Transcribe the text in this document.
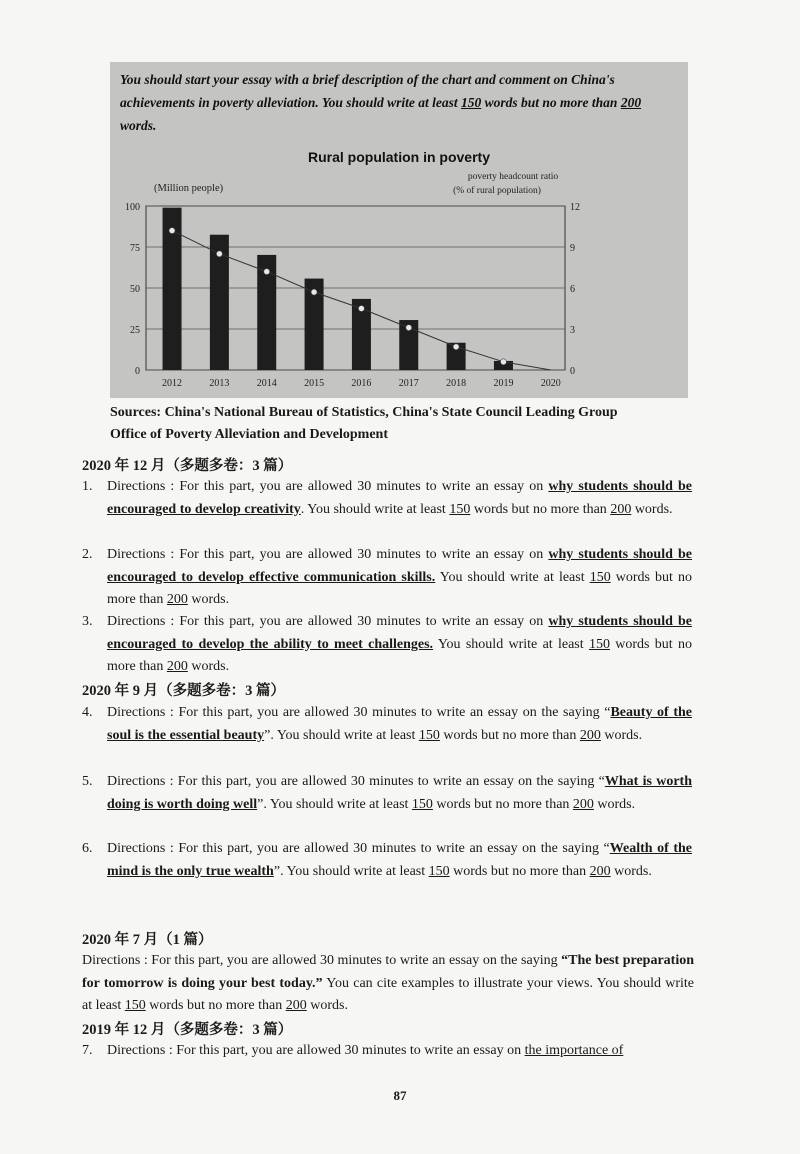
You should start your essay with a brief description of the chart and comment on China's achievements in poverty alleviation. You should write at least 150 words but no more than 200 words.
Rural population in poverty
(Million people)
poverty headcount ratio
(% of rural population)
0
25
50
75
100
0
3
6
9
12
2012	2013	2014	2015	2016	2017	2018	2019	2020
Sources: China's National Bureau of Statistics, China's State Council Leading Group
Office of Poverty Alleviation and Development
2020 年 12 月（多题多卷：3 篇）
1.	Directions : For this part, you are allowed 30 minutes to write an essay on why students should be encouraged to develop creativity. You should write at least 150 words but no more than 200 words.
2.	Directions : For this part, you are allowed 30 minutes to write an essay on why students should be encouraged to develop effective communication skills. You should write at least 150 words but no more than 200 words.
3.	Directions : For this part, you are allowed 30 minutes to write an essay on why students should be encouraged to develop the ability to meet challenges. You should write at least 150 words but no more than 200 words.
2020 年 9 月（多题多卷：3 篇）
4.	Directions : For this part, you are allowed 30 minutes to write an essay on the saying “Beauty of the soul is the essential beauty”. You should write at least 150 words but no more than 200 words.
5.	Directions : For this part, you are allowed 30 minutes to write an essay on the saying “What is worth doing is worth doing well”. You should write at least 150 words but no more than 200 words.
6.	Directions : For this part, you are allowed 30 minutes to write an essay on the saying “Wealth of the mind is the only true wealth”. You should write at least 150 words but no more than 200 words.
2020 年 7 月（1 篇）
Directions : For this part, you are allowed 30 minutes to write an essay on the saying “The best preparation for tomorrow is doing your best today.” You can cite examples to illustrate your views. You should write at least 150 words but no more than 200 words.
2019 年 12 月（多题多卷：3 篇）
7.	Directions : For this part, you are allowed 30 minutes to write an essay on the importance of
87
